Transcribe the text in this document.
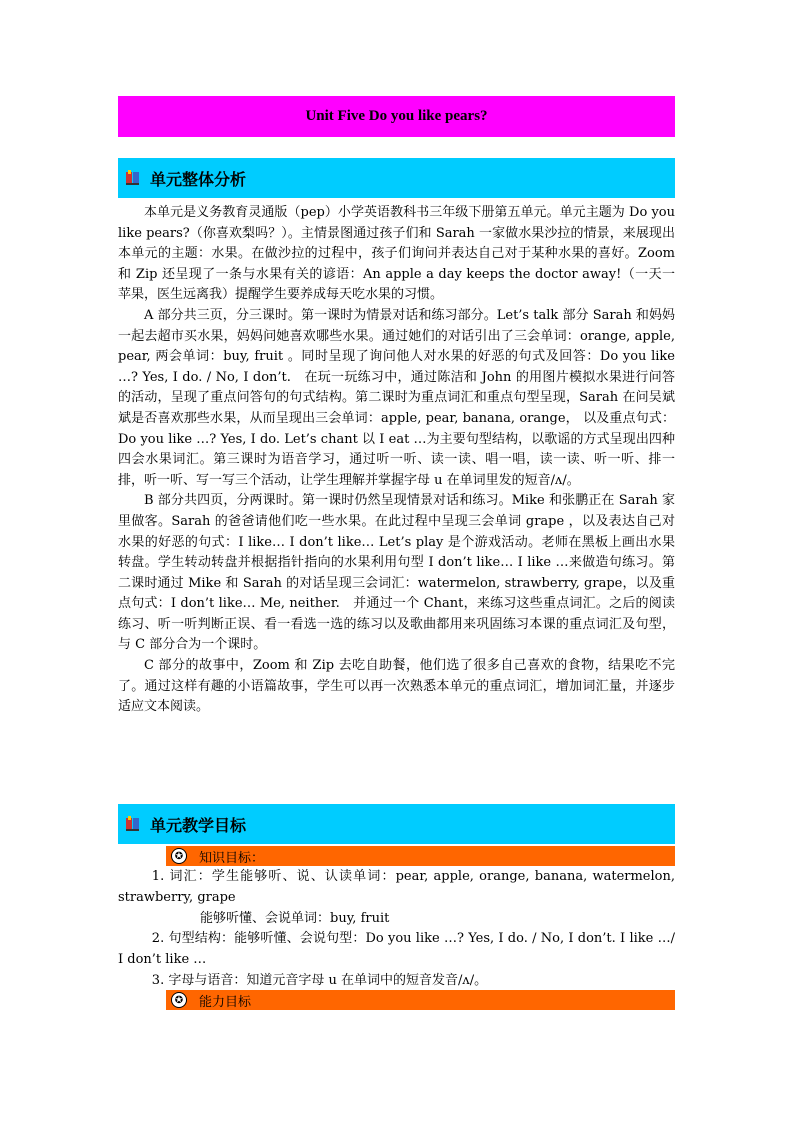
Unit Five Do you like pears?
单元整体分析

本单元是义务教育灵通版（pep）小学英语教科书三年级下册第五单元。单元主题为 Do you like pears?（你喜欢梨吗？）。主情景图通过孩子们和 Sarah 一家做水果沙拉的情景，来展现出本单元的主题：水果。在做沙拉的过程中，孩子们询问并表达自己对于某种水果的喜好。Zoom 和 Zip 还呈现了一条与水果有关的谚语：An apple a day keeps the doctor away!（一天一苹果，医生远离我）提醒学生要养成每天吃水果的习惯。

A 部分共三页，分三课时。第一课时为情景对话和练习部分。Let’s talk 部分 Sarah 和妈妈一起去超市买水果，妈妈问她喜欢哪些水果。通过她们的对话引出了三会单词：orange, apple, pear, 两会单词：buy, fruit 。同时呈现了询问他人对水果的好恶的句式及回答：Do you like …? Yes, I do. / No, I don’t.　在玩一玩练习中，通过陈洁和 John 的用图片模拟水果进行问答的活动，呈现了重点问答句的句式结构。第二课时为重点词汇和重点句型呈现，Sarah 在问吴斌斌是否喜欢那些水果，从而呈现出三会单词：apple, pear, banana, orange， 以及重点句式：Do you like …? Yes, I do. Let’s chant 以 I eat …为主要句型结构，以歌谣的方式呈现出四种四会水果词汇。第三课时为语音学习，通过听一听、读一读、唱一唱，读一读、听一听、排一排，听一听、写一写三个活动，让学生理解并掌握字母 u 在单词里发的短音/ʌ/。

B 部分共四页，分两课时。第一课时仍然呈现情景对话和练习。Mike 和张鹏正在 Sarah 家里做客。Sarah 的爸爸请他们吃一些水果。在此过程中呈现三会单词 grape ，以及表达自己对水果的好恶的句式：I like… I don’t like… Let’s play 是个游戏活动。老师在黑板上画出水果转盘。学生转动转盘并根据指针指向的水果利用句型 I don’t like… I like …来做造句练习。第二课时通过 Mike 和 Sarah 的对话呈现三会词汇：watermelon, strawberry, grape，以及重点句式：I don’t like… Me, neither.　并通过一个 Chant，来练习这些重点词汇。之后的阅读练习、听一听判断正误、看一看选一选的练习以及歌曲都用来巩固练习本课的重点词汇及句型，与 C 部分合为一个课时。

C 部分的故事中，Zoom 和 Zip 去吃自助餐，他们选了很多自己喜欢的食物，结果吃不完了。通过这样有趣的小语篇故事，学生可以再一次熟悉本单元的重点词汇，增加词汇量，并逐步适应文本阅读。

单元教学目标
✪ 知识目标：

1. 词汇：学生能够听、说、认读单词：pear, apple, orange, banana, watermelon, strawberry, grape

能够听懂、会说单词：buy, fruit

2. 句型结构：能够听懂、会说句型：Do you like …? Yes, I do. / No, I don’t. I like …/ I don’t like …

3. 字母与语音：知道元音字母 u 在单词中的短音发音/ʌ/。

✪ 能力目标
